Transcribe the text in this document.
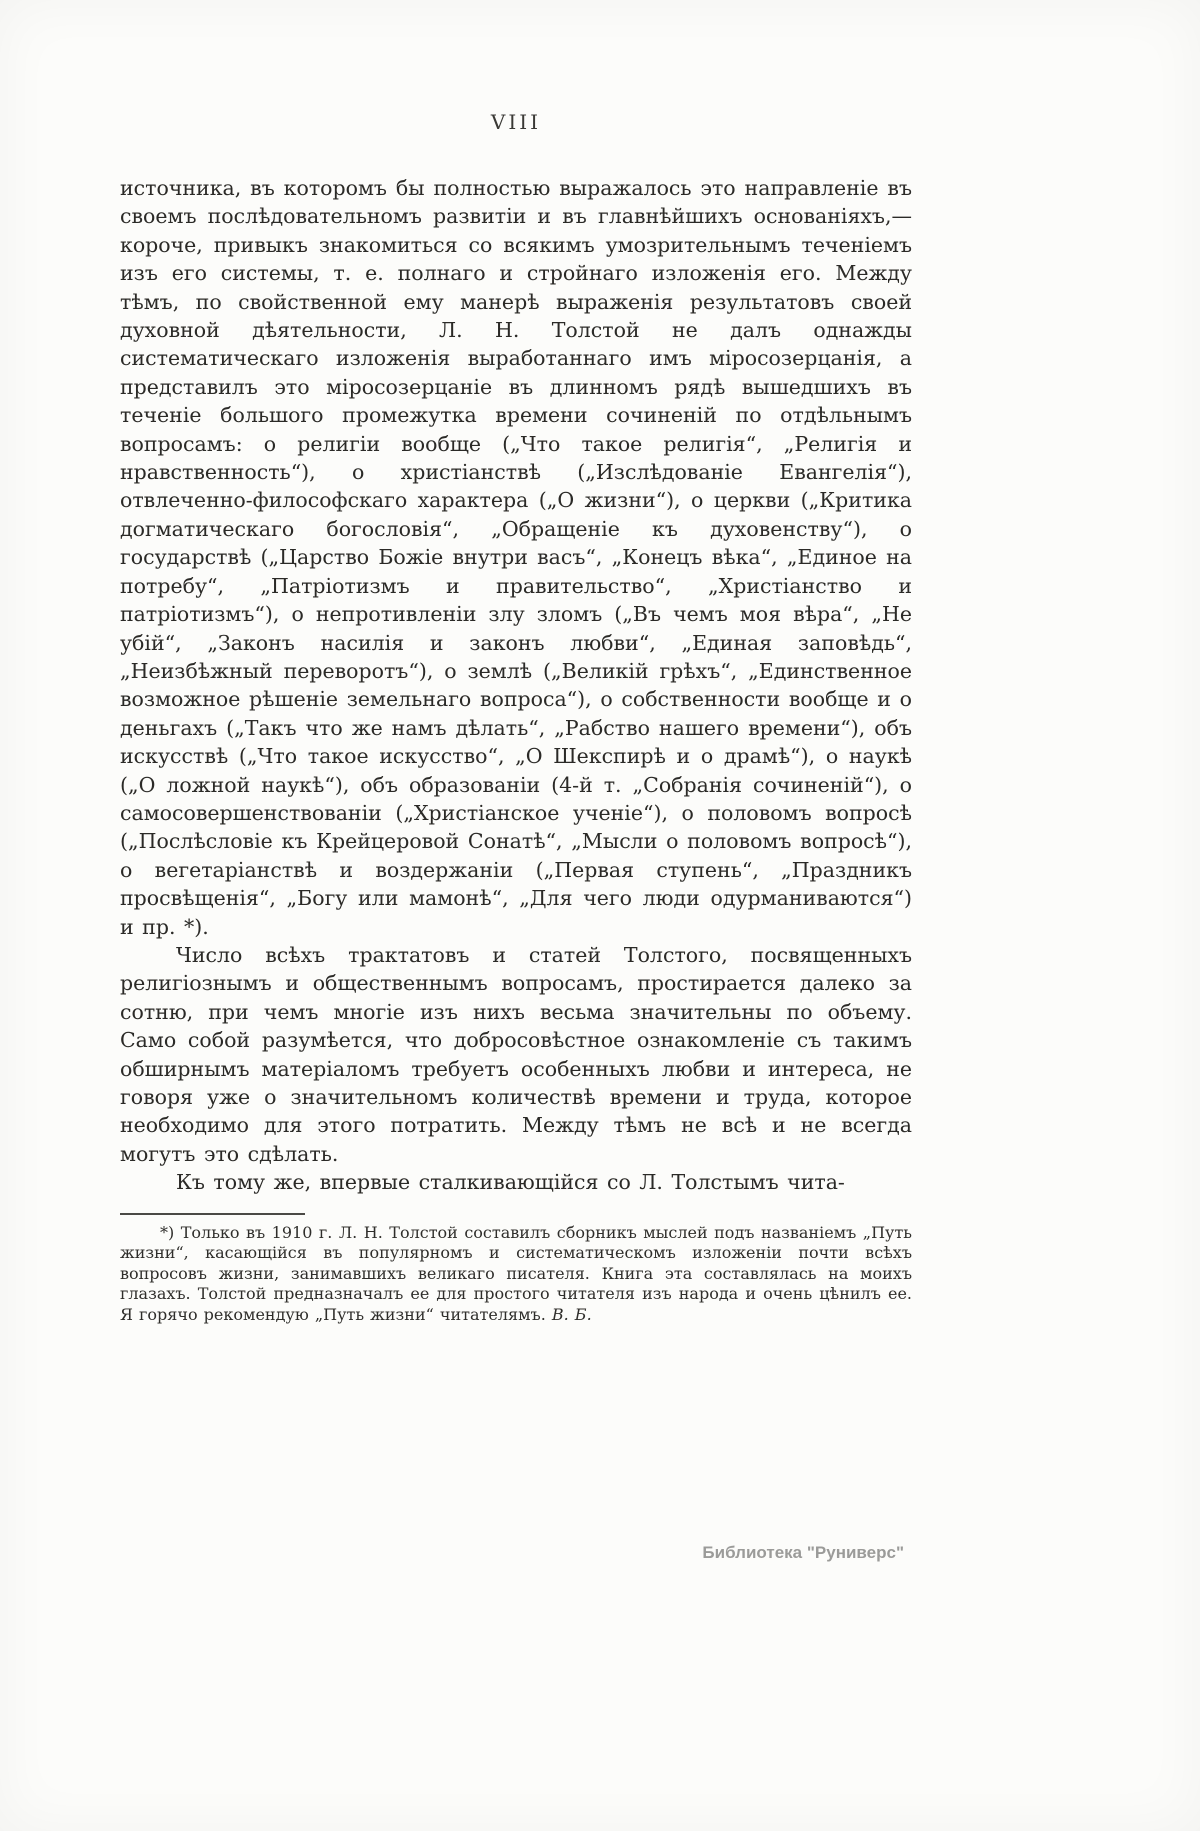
VIII

источника, въ которомъ бы полностью выражалось это направленіе въ своемъ послѣдовательномъ развитіи и въ главнѣйшихъ основаніяхъ,—короче, привыкъ знакомиться со всякимъ умозрительнымъ теченіемъ изъ его системы, т. е. полнаго и стройнаго изложенія его. Между тѣмъ, по свойственной ему манерѣ выраженія результатовъ своей духовной дѣятельности, Л. Н. Толстой не далъ однажды систематическаго изложенія выработаннаго имъ міросозерцанія, а представилъ это міросозерцаніе въ длинномъ рядѣ вышедшихъ въ теченіе большого промежутка времени сочиненій по отдѣльнымъ вопросамъ: о религіи вообще („Что такое религія“, „Религія и нравственность“), о христіанствѣ („Изслѣдованіе Евангелія“), отвлеченно-философскаго характера („О жизни“), о церкви („Критика догматическаго богословія“, „Обращеніе къ духовенству“), о государствѣ („Царство Божіе внутри васъ“, „Конецъ вѣка“, „Единое на потребу“, „Патріотизмъ и правительство“, „Христіанство и патріотизмъ“), о непротивленіи злу зломъ („Въ чемъ моя вѣра“, „Не убій“, „Законъ насилія и законъ любви“, „Единая заповѣдь“, „Неизбѣжный переворотъ“), о землѣ („Великій грѣхъ“, „Единственное возможное рѣшеніе земельнаго вопроса“), о собственности вообще и о деньгахъ („Такъ что же намъ дѣлать“, „Рабство нашего времени“), объ искусствѣ („Что такое искусство“, „О Шекспирѣ и о драмѣ“), о наукѣ („О ложной наукѣ“), объ образованіи (4-й т. „Собранія сочиненій“), о самосовершенствованіи („Христіанское ученіе“), о половомъ вопросѣ („Послѣсловіе къ Крейцеровой Сонатѣ“, „Мысли о половомъ вопросѣ“), о вегетаріанствѣ и воздержаніи („Первая ступень“, „Праздникъ просвѣщенія“, „Богу или мамонѣ“, „Для чего люди одурманиваются“) и пр. *).

Число всѣхъ трактатовъ и статей Толстого, посвященныхъ религіознымъ и общественнымъ вопросамъ, простирается далеко за сотню, при чемъ многіе изъ нихъ весьма значительны по объему. Само собой разумѣется, что добросовѣстное ознакомленіе съ такимъ обширнымъ матеріаломъ требуетъ особенныхъ любви и интереса, не говоря уже о значительномъ количествѣ времени и труда, которое необходимо для этого потратить. Между тѣмъ не всѣ и не всегда могутъ это сдѣлать.

Къ тому же, впервые сталкивающійся со Л. Толстымъ чита-

*) Только въ 1910 г. Л. Н. Толстой составилъ сборникъ мыслей подъ названіемъ „Путь жизни“, касающійся въ популярномъ и систематическомъ изложеніи почти всѣхъ вопросовъ жизни, занимавшихъ великаго писателя. Книга эта составлялась на моихъ глазахъ. Толстой предназначалъ ее для простого читателя изъ народа и очень цѣнилъ ее. Я горячо рекомендую „Путь жизни“ читателямъ. В. Б.
Библиотека "Руниверс"
